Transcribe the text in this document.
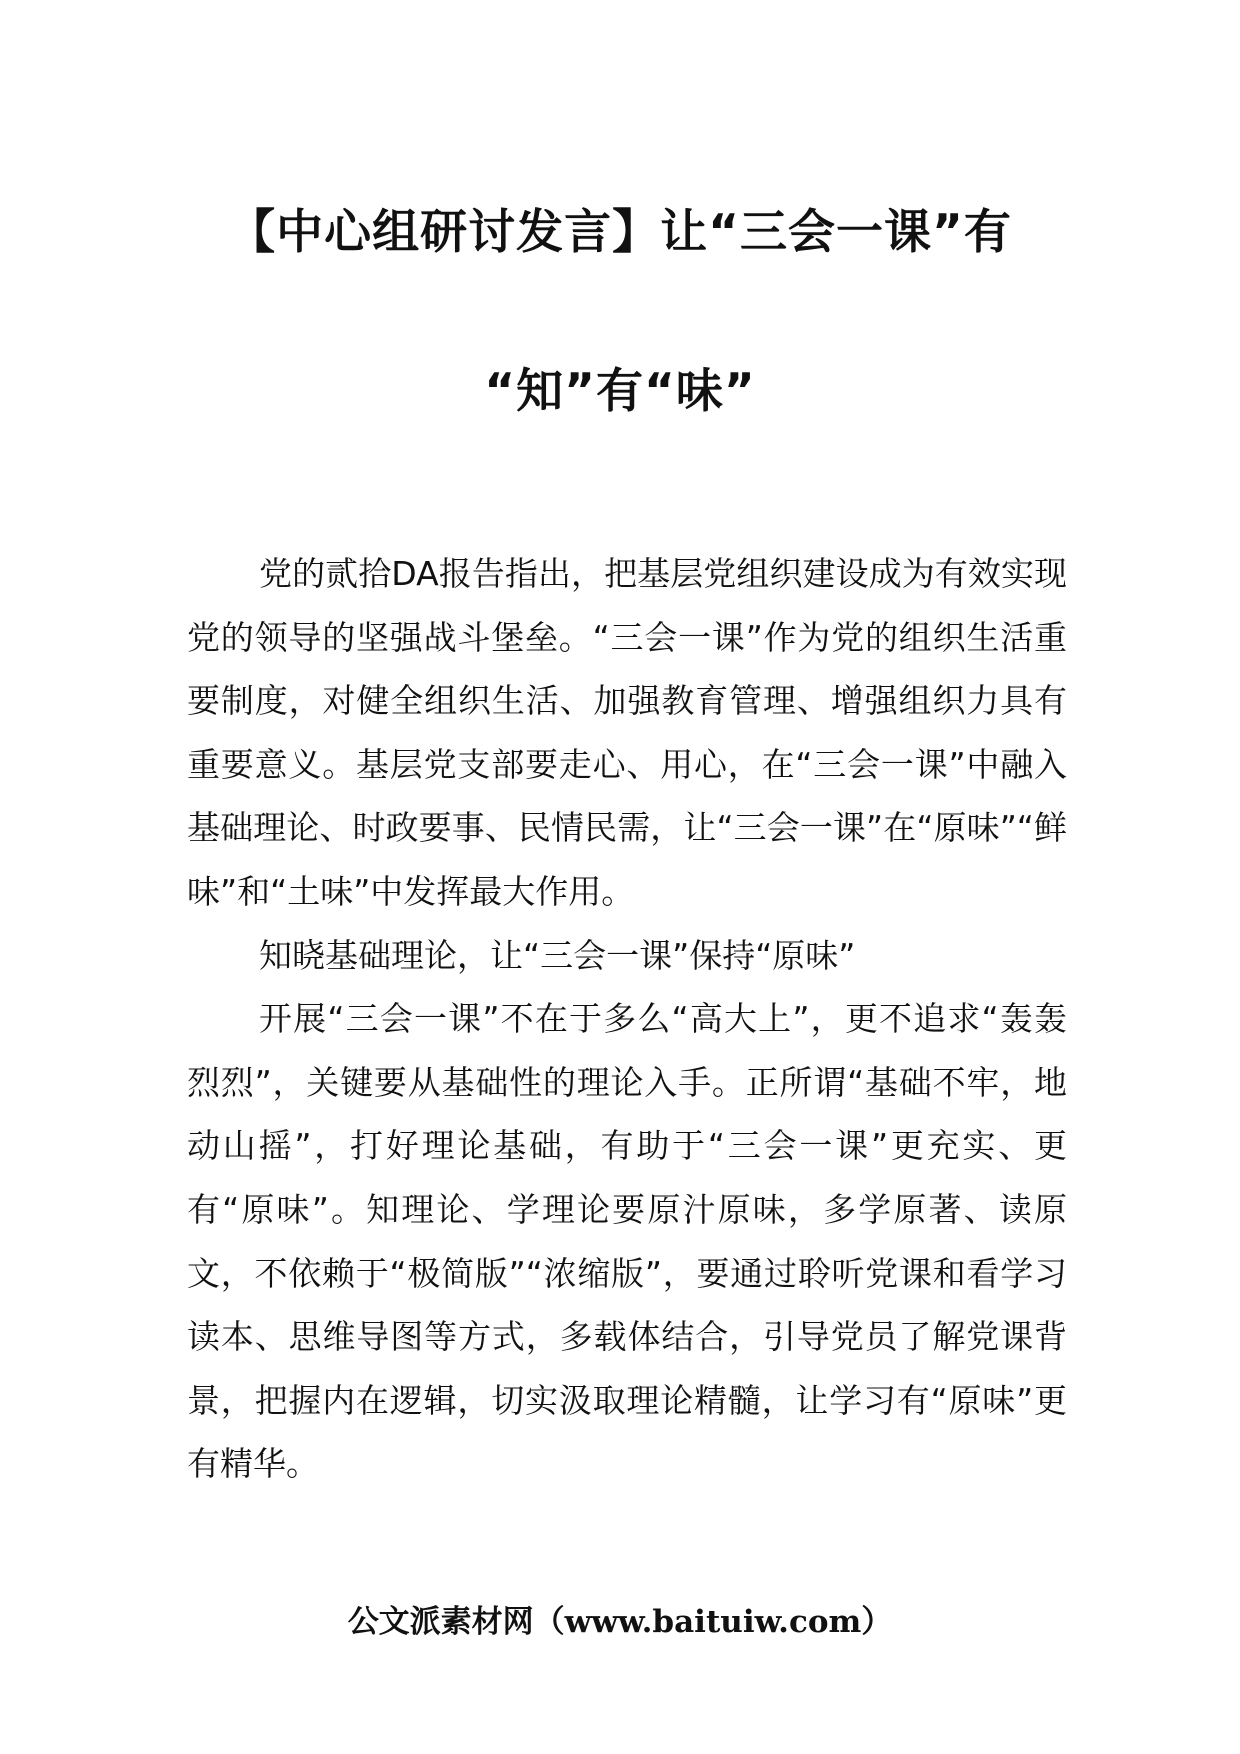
【中心组研讨发言】让“三会一课”有
“知”有“味”

党的贰拾DA报告指出，把基层党组织建设成为有效实现党的领导的坚强战斗堡垒。“三会一课”作为党的组织生活重要制度，对健全组织生活、加强教育管理、增强组织力具有重要意义。基层党支部要走心、用心，在“三会一课”中融入基础理论、时政要事、民情民需，让“三会一课”在“原味”“鲜味”和“土味”中发挥最大作用。

知晓基础理论，让“三会一课”保持“原味”

开展“三会一课”不在于多么“高大上”，更不追求“轰轰烈烈”，关键要从基础性的理论入手。正所谓“基础不牢，地动山摇”，打好理论基础，有助于“三会一课”更充实、更有“原味”。知理论、学理论要原汁原味，多学原著、读原文，不依赖于“极简版”“浓缩版”，要通过聆听党课和看学习读本、思维导图等方式，多载体结合，引导党员了解党课背景，把握内在逻辑，切实汲取理论精髓，让学习有“原味”更有精华。

公文派素材网（www.baituiw.com）
